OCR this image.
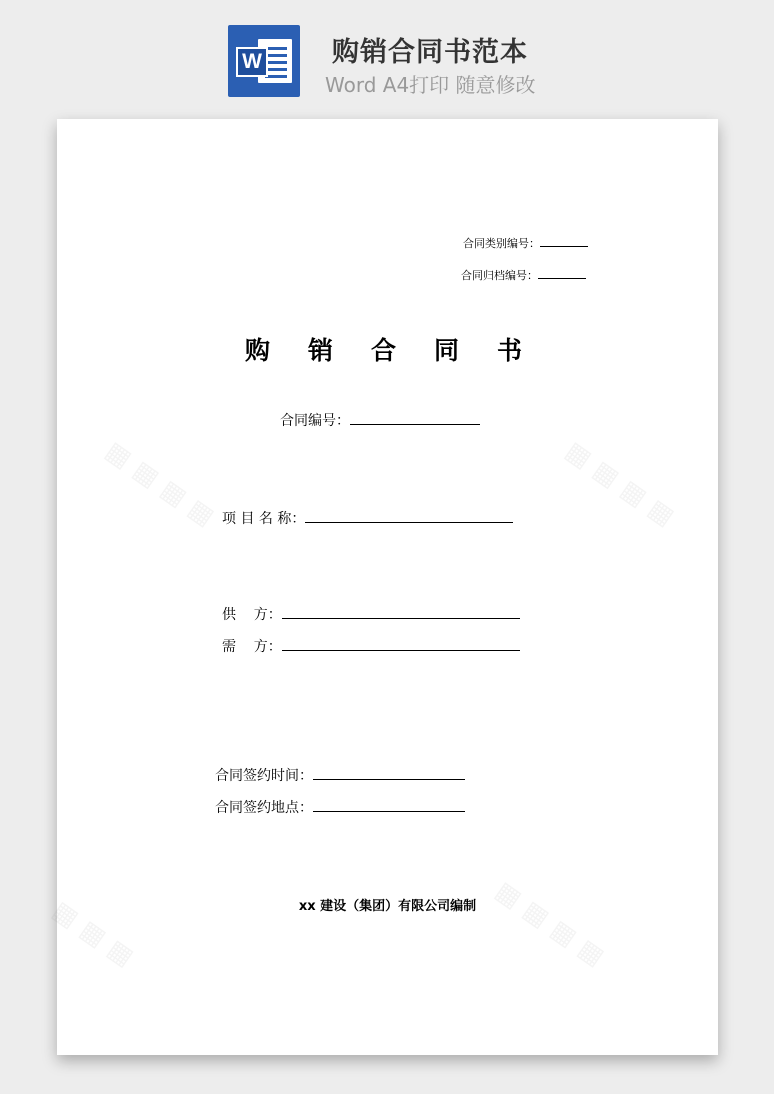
W	购销合同书范本
Word A4打印 随意修改
▦ ▦ ▦ ▦	▦ ▦ ▦ ▦
▦ ▦ ▦	▦ ▦ ▦ ▦
合同类别编号：
合同归档编号：
购销合同书
合同编号：
项 目 名 称：
供    方：
需    方：
合同签约时间：
合同签约地点：
xx 建设（集团）有限公司编制
